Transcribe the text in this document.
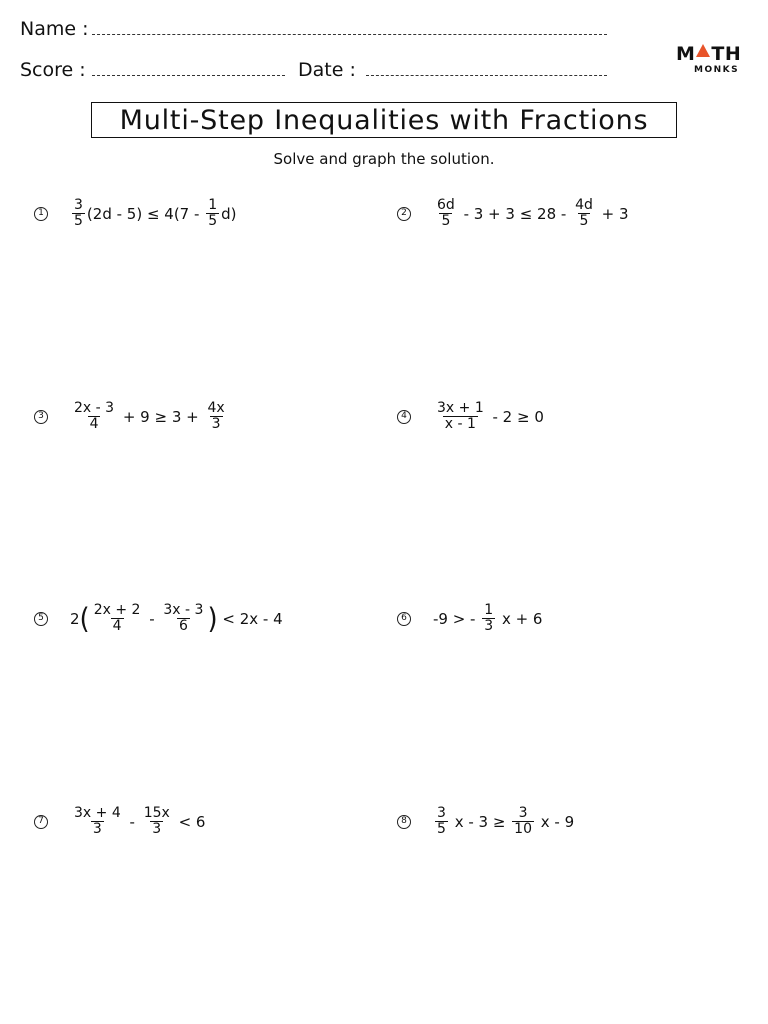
Name :
Score :	Date :
M TH
MONKS
Multi-Step Inequalities with Fractions
Solve and graph the solution.
$1 \frac{3}{5} (2d - 5) \le 4(7 - \frac{1}{5} d)$	$2 \frac{6d}{5} - 3 + 3 \le 28 - \frac{4d}{5} + 3$
$3 \frac{2x - 3}{4} + 9 \ge 3 + \frac{4x}{3}$	$4 \frac{3x + 1}{x - 1} - 2 \ge 0$
5 2 ( $\frac{2x + 2}{4} - \frac{3x - 3}{6}$ ) < 2x - 4	6 -9 > - $\frac{1}{3}$ x + 6
$7 \frac{3x + 4}{3} - \frac{15x}{3} < 6$	$8 \frac{3}{5}$ $x - 3 \ge \frac{3}{10}$ x - 9
